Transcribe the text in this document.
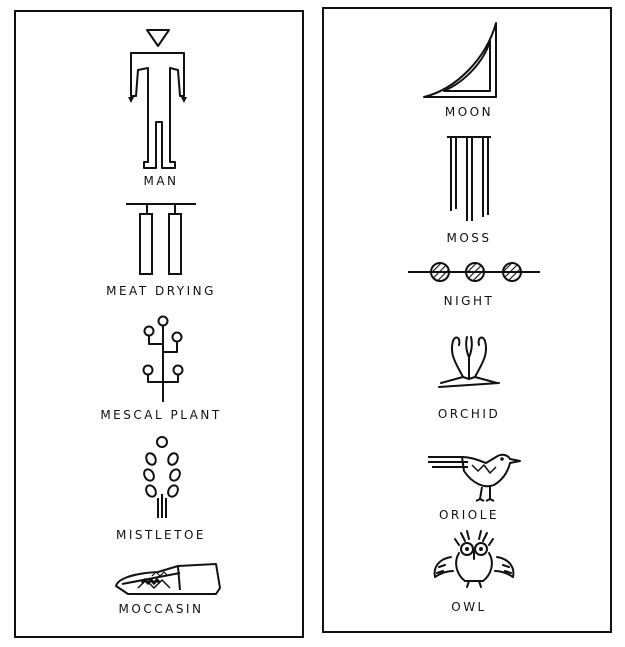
MAN
MEAT DRYING
MESCAL PLANT
MISTLETOE
MOCCASIN
MOON
MOSS
NIGHT
ORCHID
ORIOLE
OWL
